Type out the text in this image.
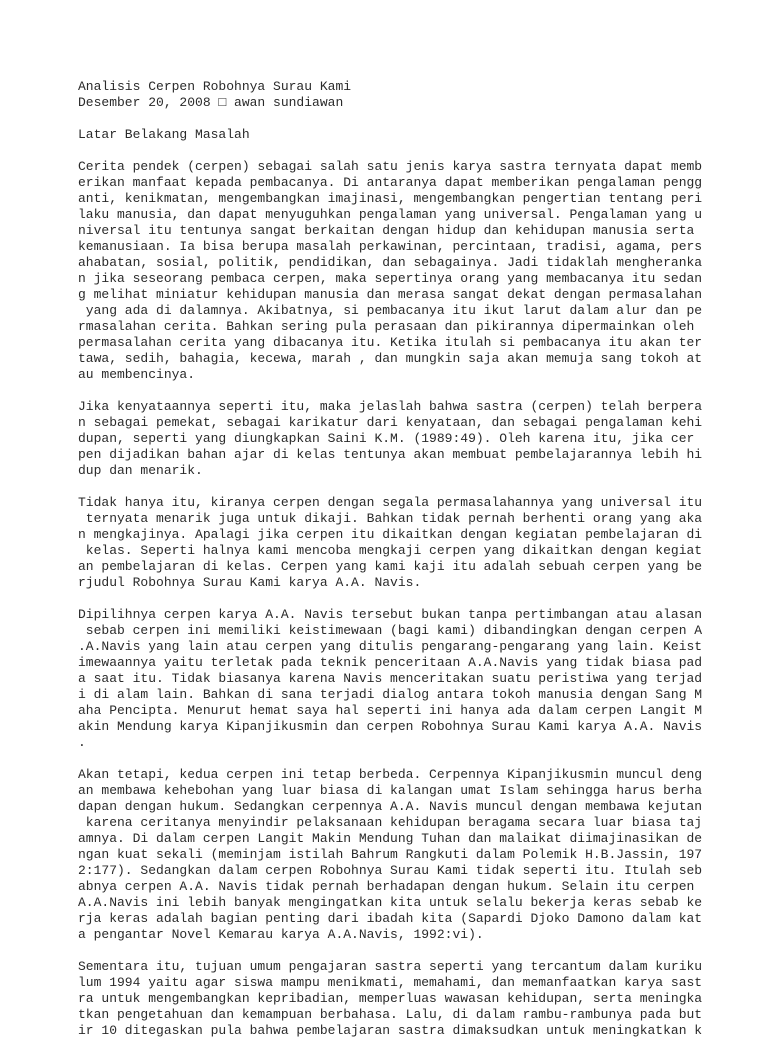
Analisis Cerpen Robohnya Surau Kami
Desember 20, 2008 □ awan sundiawan
Latar Belakang Masalah
Cerita pendek (cerpen) sebagai salah satu jenis karya sastra ternyata dapat memb
erikan manfaat kepada pembacanya. Di antaranya dapat memberikan pengalaman pengg
anti, kenikmatan, mengembangkan imajinasi, mengembangkan pengertian tentang peri
laku manusia, dan dapat menyuguhkan pengalaman yang universal. Pengalaman yang u
niversal itu tentunya sangat berkaitan dengan hidup dan kehidupan manusia serta
kemanusiaan. Ia bisa berupa masalah perkawinan, percintaan, tradisi, agama, pers
ahabatan, sosial, politik, pendidikan, dan sebagainya. Jadi tidaklah mengheranka
n jika seseorang pembaca cerpen, maka sepertinya orang yang membacanya itu sedan
g melihat miniatur kehidupan manusia dan merasa sangat dekat dengan permasalahan
yang ada di dalamnya. Akibatnya, si pembacanya itu ikut larut dalam alur dan pe
rmasalahan cerita. Bahkan sering pula perasaan dan pikirannya dipermainkan oleh
permasalahan cerita yang dibacanya itu. Ketika itulah si pembacanya itu akan ter
tawa, sedih, bahagia, kecewa, marah , dan mungkin saja akan memuja sang tokoh at
au membencinya.
Jika kenyataannya seperti itu, maka jelaslah bahwa sastra (cerpen) telah berpera
n sebagai pemekat, sebagai karikatur dari kenyataan, dan sebagai pengalaman kehi
dupan, seperti yang diungkapkan Saini K.M. (1989:49). Oleh karena itu, jika cer
pen dijadikan bahan ajar di kelas tentunya akan membuat pembelajarannya lebih hi
dup dan menarik.
Tidak hanya itu, kiranya cerpen dengan segala permasalahannya yang universal itu
ternyata menarik juga untuk dikaji. Bahkan tidak pernah berhenti orang yang aka
n mengkajinya. Apalagi jika cerpen itu dikaitkan dengan kegiatan pembelajaran di
kelas. Seperti halnya kami mencoba mengkaji cerpen yang dikaitkan dengan kegiat
an pembelajaran di kelas. Cerpen yang kami kaji itu adalah sebuah cerpen yang be
rjudul Robohnya Surau Kami karya A.A. Navis.
Dipilihnya cerpen karya A.A. Navis tersebut bukan tanpa pertimbangan atau alasan
sebab cerpen ini memiliki keistimewaan (bagi kami) dibandingkan dengan cerpen A
.A.Navis yang lain atau cerpen yang ditulis pengarang-pengarang yang lain. Keist
imewaannya yaitu terletak pada teknik penceritaan A.A.Navis yang tidak biasa pad
a saat itu. Tidak biasanya karena Navis menceritakan suatu peristiwa yang terjad
i di alam lain. Bahkan di sana terjadi dialog antara tokoh manusia dengan Sang M
aha Pencipta. Menurut hemat saya hal seperti ini hanya ada dalam cerpen Langit M
akin Mendung karya Kipanjikusmin dan cerpen Robohnya Surau Kami karya A.A. Navis
.
Akan tetapi, kedua cerpen ini tetap berbeda. Cerpennya Kipanjikusmin muncul deng
an membawa kehebohan yang luar biasa di kalangan umat Islam sehingga harus berha
dapan dengan hukum. Sedangkan cerpennya A.A. Navis muncul dengan membawa kejutan
karena ceritanya menyindir pelaksanaan kehidupan beragama secara luar biasa taj
amnya. Di dalam cerpen Langit Makin Mendung Tuhan dan malaikat diimajinasikan de
ngan kuat sekali (meminjam istilah Bahrum Rangkuti dalam Polemik H.B.Jassin, 197
2:177). Sedangkan dalam cerpen Robohnya Surau Kami tidak seperti itu. Itulah seb
abnya cerpen A.A. Navis tidak pernah berhadapan dengan hukum. Selain itu cerpen
A.A.Navis ini lebih banyak mengingatkan kita untuk selalu bekerja keras sebab ke
rja keras adalah bagian penting dari ibadah kita (Sapardi Djoko Damono dalam kat
a pengantar Novel Kemarau karya A.A.Navis, 1992:vi).
Sementara itu, tujuan umum pengajaran sastra seperti yang tercantum dalam kuriku
lum 1994 yaitu agar siswa mampu menikmati, memahami, dan memanfaatkan karya sast
ra untuk mengembangkan kepribadian, memperluas wawasan kehidupan, serta meningka
tkan pengetahuan dan kemampuan berbahasa. Lalu, di dalam rambu-rambunya pada but
ir 10 ditegaskan pula bahwa pembelajaran sastra dimaksudkan untuk meningkatkan k
